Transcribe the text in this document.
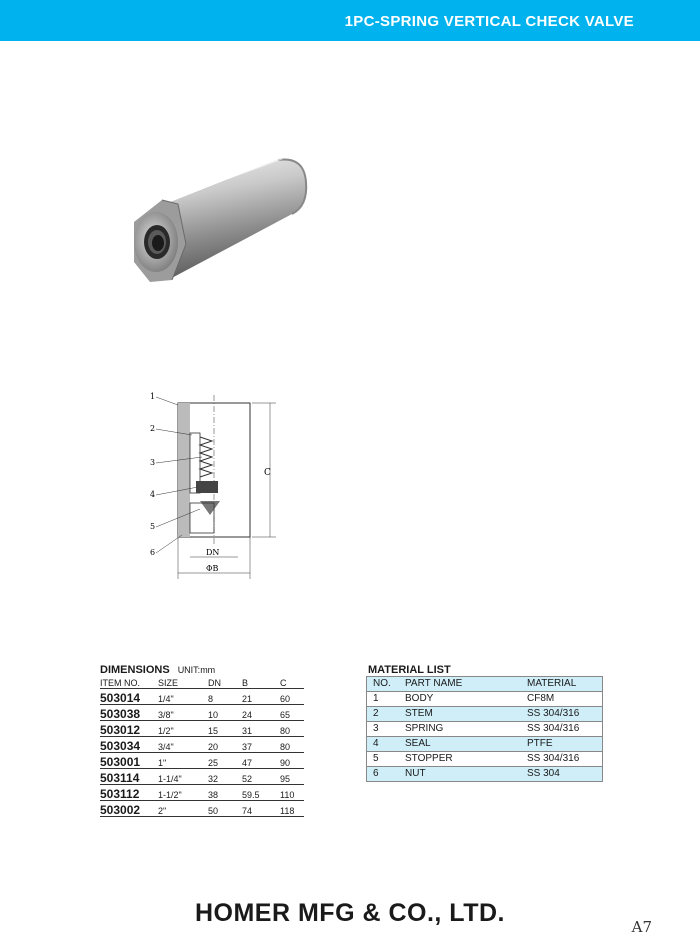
1PC-SPRING VERTICAL CHECK VALVE
1
2
3
4
5
6
C
DN
ΦB
DIMENSIONS UNIT:mm
ITEM NO. SIZE	DN B	C
503014 1/4"	8	21	60
503038 3/8"	10	24	65
503012 1/2"	15	31	80
503034 3/4"	20	37	80
503001 1"	25	47	90
503114 1-1/4"	32	52	95
503112 1-1/2"	38	59.5 110
503002 2"	50	74	118
MATERIAL LIST
NO. PART NAME	MATERIAL
1	BODY	CF8M
2	STEM	SS 304/316
3	SPRING	SS 304/316
4	SEAL	PTFE
5	STOPPER	SS 304/316
6	NUT	SS 304
HOMER MFG & CO., LTD.	A7
